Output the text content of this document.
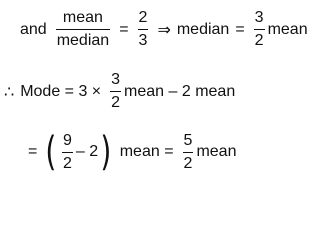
and $\frac{\text{mean}}{\text{median}} = \frac{2}{3}$ ⇒ median = $\frac{3}{2}$ mean
∴ Mode = $3 \times \frac{3}{2}$ mean – 2 mean
= ( $\frac{9}{2} - 2$ ) mean = $\frac{5}{2}$ mean
